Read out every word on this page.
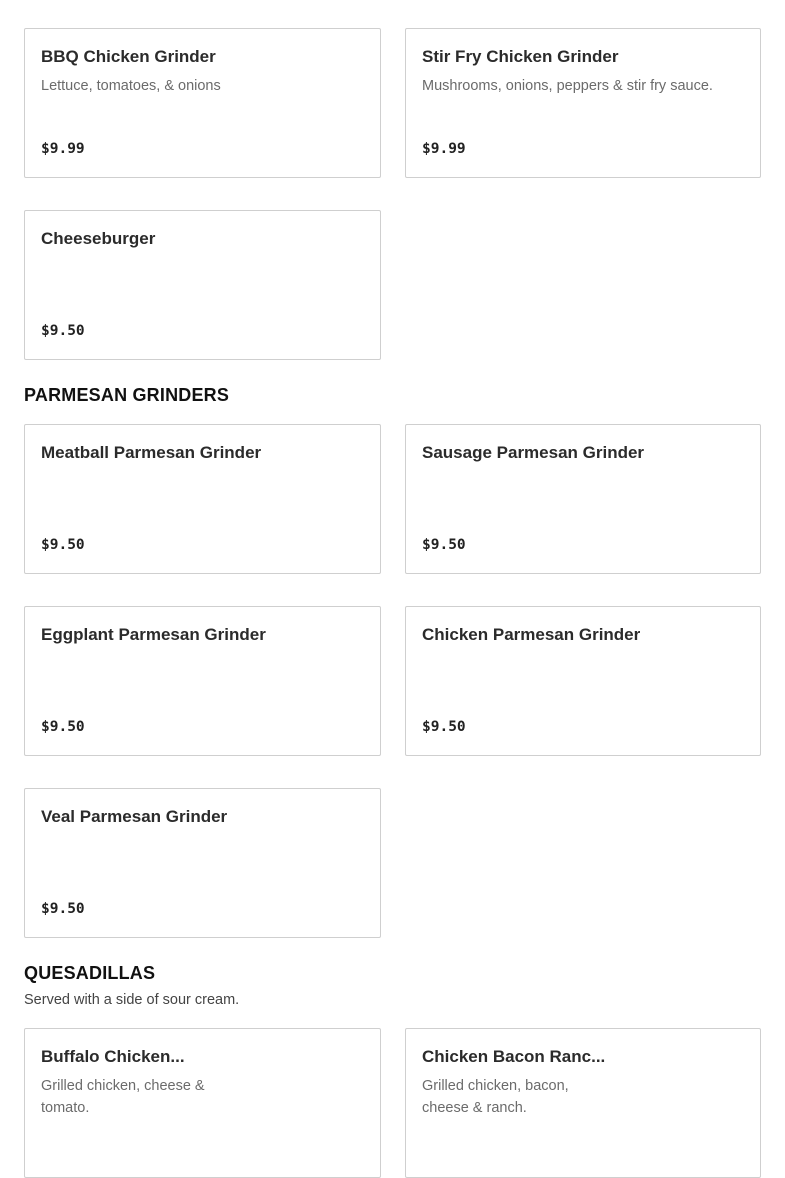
BBQ Chicken Grinder
Lettuce, tomatoes, & onions
$9.99
Stir Fry Chicken Grinder
Mushrooms, onions, peppers & stir fry sauce.
$9.99
Cheeseburger
$9.50
PARMESAN GRINDERS
Meatball Parmesan Grinder
$9.50
Sausage Parmesan Grinder
$9.50
Eggplant Parmesan Grinder
$9.50
Chicken Parmesan Grinder
$9.50
Veal Parmesan Grinder
$9.50
QUESADILLAS
Served with a side of sour cream.
Buffalo Chicken...
Grilled chicken, cheese & tomato.
Chicken Bacon Ranc...
Grilled chicken, bacon, cheese & ranch.
